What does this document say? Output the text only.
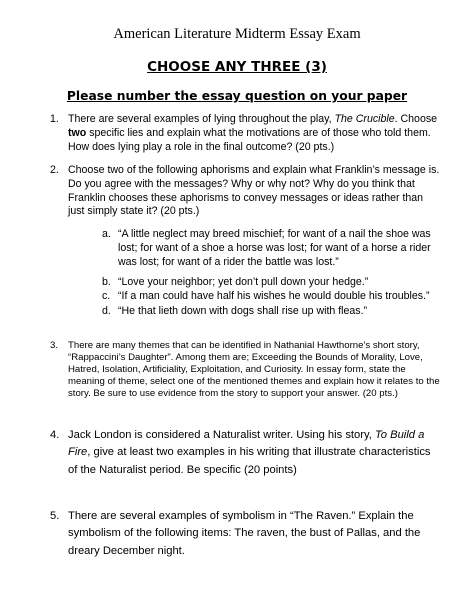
American Literature Midterm Essay Exam
CHOOSE ANY THREE (3)
Please number the essay question on your paper
1. There are several examples of lying throughout the play, The Crucible. Choose two specific lies and explain what the motivations are of those who told them. How does lying play a role in the final outcome? (20 pts.)
2. Choose two of the following aphorisms and explain what Franklin’s message is. Do you agree with the messages? Why or why not? Why do you think that Franklin chooses these aphorisms to convey messages or ideas rather than just simply state it? (20 pts.)
a. “A little neglect may breed mischief; for want of a nail the shoe was lost; for want of a shoe a horse was lost; for want of a horse a rider was lost; for want of a rider the battle was lost.”
b. “Love your neighbor; yet don’t pull down your hedge.”
c. “If a man could have half his wishes he would double his troubles.”
d. “He that lieth down with dogs shall rise up with fleas.”
3. There are many themes that can be identified in Nathanial Hawthorne’s short story, “Rappaccini’s Daughter”. Among them are; Exceeding the Bounds of Morality, Love, Hatred, Isolation, Artificiality, Exploitation, and Curiosity. In essay form, state the meaning of theme, select one of the mentioned themes and explain how it relates to the story. Be sure to use evidence from the story to support your answer. (20 pts.)
4. Jack London is considered a Naturalist writer. Using his story, To Build a Fire, give at least two examples in his writing that illustrate characteristics of the Naturalist period. Be specific (20 points)
5. There are several examples of symbolism in “The Raven.” Explain the symbolism of the following items: The raven, the bust of Pallas, and the dreary December night.
